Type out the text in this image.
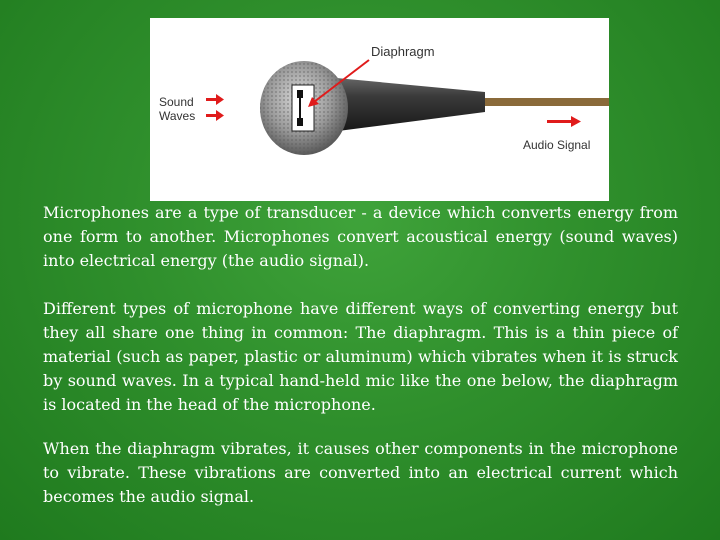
Sound
Waves
Diaphragm
Audio Signal

Microphones are a type of transducer - a device which converts energy from one form to another. Microphones convert acoustical energy (sound waves) into electrical energy (the audio signal).

Different types of microphone have different ways of converting energy but they all share one thing in common: The diaphragm. This is a thin piece of material (such as paper, plastic or aluminum) which vibrates when it is struck by sound waves. In a typical hand-held mic like the one below, the diaphragm is located in the head of the microphone.

When the diaphragm vibrates, it causes other components in the microphone to vibrate. These vibrations are converted into an electrical current which becomes the audio signal.
